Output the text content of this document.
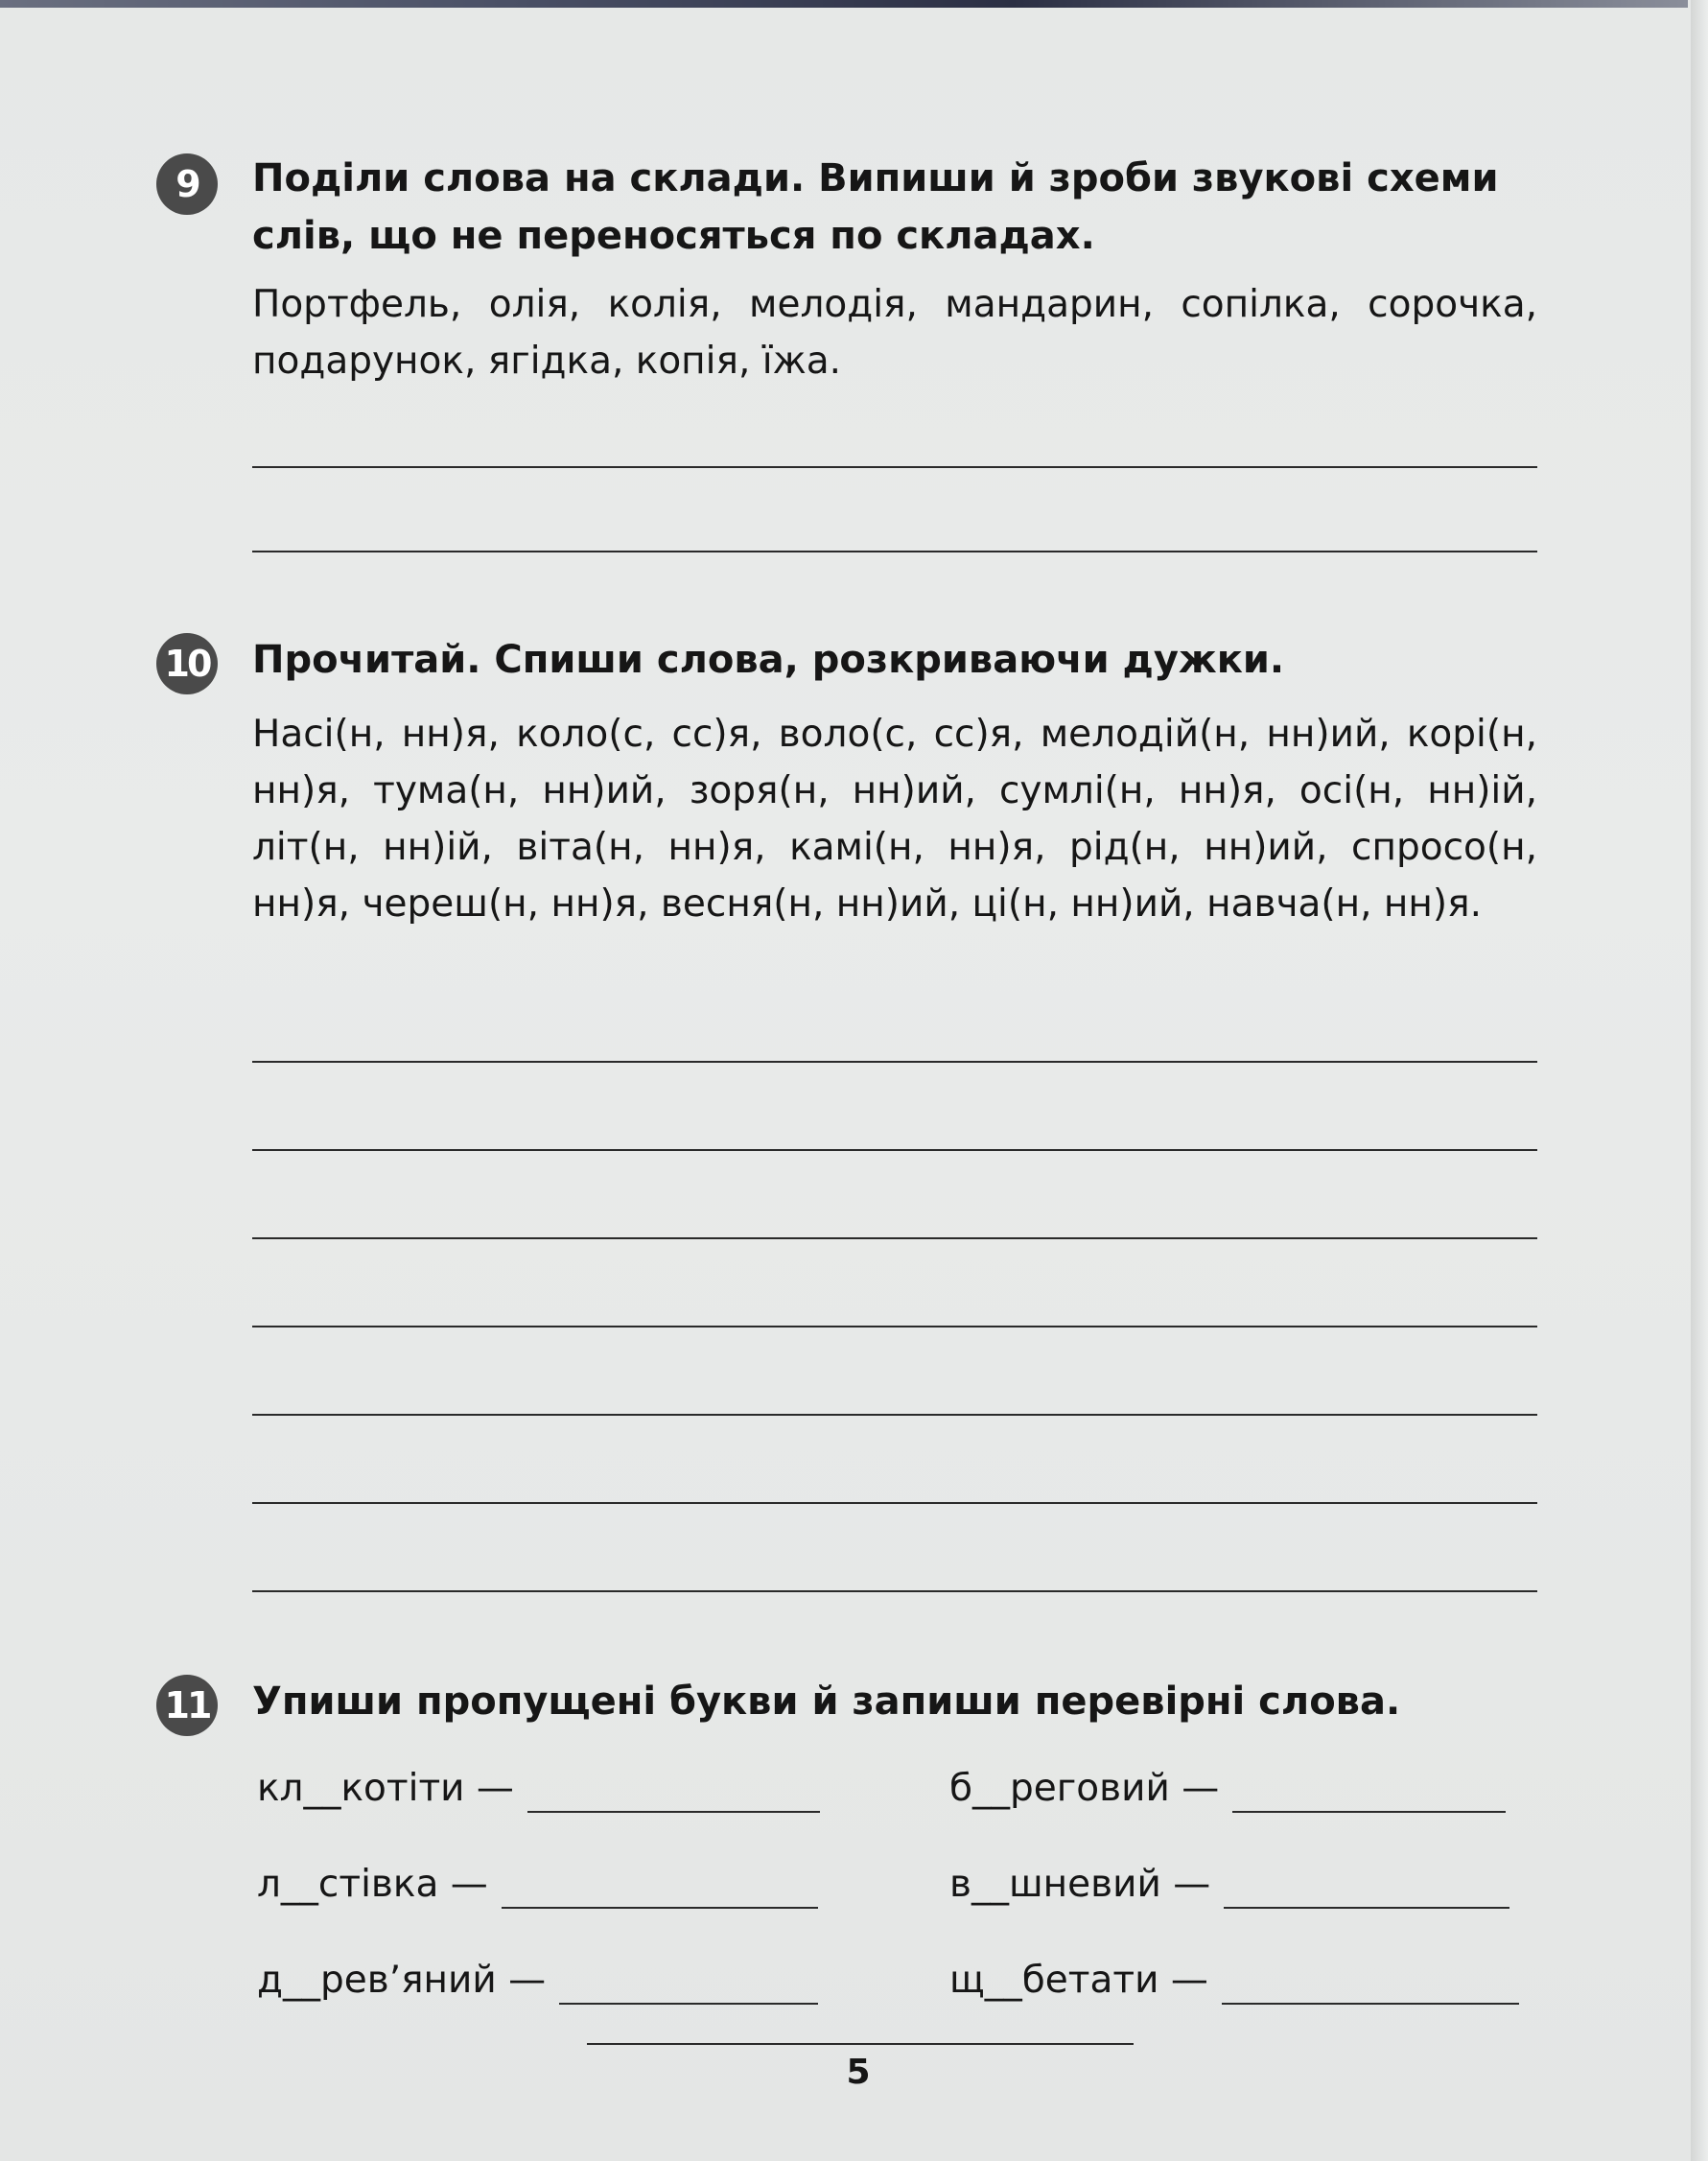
9	Поділи слова на склади. Випиши й зроби звукові схеми слів, що не переносяться по складах.
Портфель, олія, колія, мелодія, мандарин, сопілка, сорочка, подарунок, ягідка, копія, їжа.
10 Прочитай. Спиши слова, розкриваючи дужки.
Насі(н, нн)я, коло(с, сс)я, воло(с, сс)я, мелодій(н, нн)ий, корі(н, нн)я, тума(н, нн)ий, зоря(н, нн)ий, сумлі(н, нн)я, осі(н, нн)ій, літ(н, нн)ій, віта(н, нн)я, камі(н, нн)я, рід(н, нн)ий, спросо(н, нн)я, череш(н, нн)я, весня(н, нн)ий, ці(н, нн)ий, навча(н, нн)я.
11 Упиши пропущені букви й запиши перевірні слова.
кл__котіти —	б__реговий —
л__стівка —	в__шневий —
д__рев’яний —	щ__бетати —
5
